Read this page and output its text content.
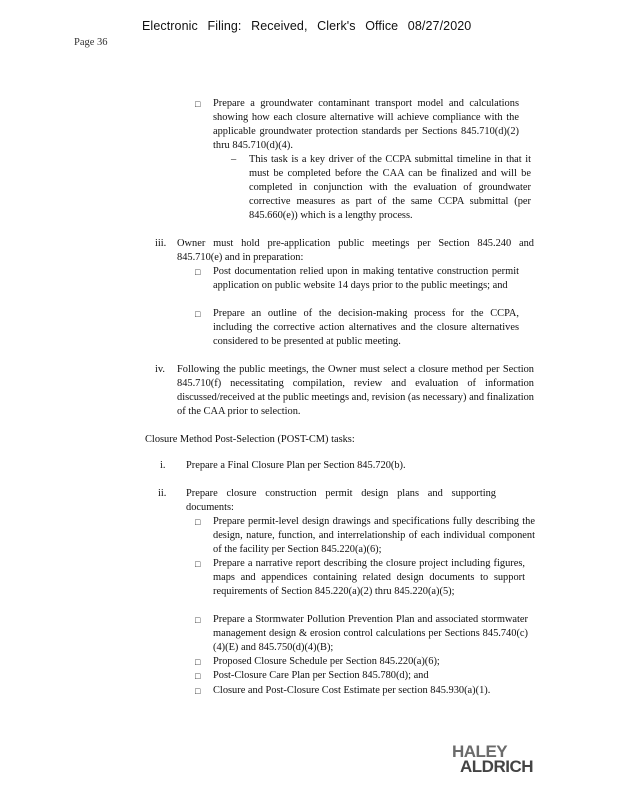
Electronic Filing: Received, Clerk's Office 08/27/2020
Page 36
□ Prepare a groundwater contaminant transport model and calculations showing how each closure alternative will achieve compliance with the applicable groundwater protection standards per Sections 845.710(d)(2) thru 845.710(d)(4).

– This task is a key driver of the CCPA submittal timeline in that it must be completed before the CAA can be finalized and will be completed in conjunction with the evaluation of groundwater corrective measures as part of the same CCPA submittal (per 845.660(e)) which is a lengthy process.

iii. Owner must hold pre-application public meetings per Section 845.240 and 845.710(e) and in preparation:

□ Post documentation relied upon in making tentative construction permit application on public website 14 days prior to the public meetings; and

□ Prepare an outline of the decision-making process for the CCPA, including the corrective action alternatives and the closure alternatives considered to be presented at public meeting.

iv. Following the public meetings, the Owner must select a closure method per Section 845.710(f) necessitating compilation, review and evaluation of information discussed/received at the public meetings and, revision (as necessary) and finalization of the CAA prior to selection.

Closure Method Post-Selection (POST-CM) tasks:
i. Prepare a Final Closure Plan per Section 845.720(b).

ii. Prepare closure construction permit design plans and supporting documents:

□ Prepare permit-level design drawings and specifications fully describing the design, nature, function, and interrelationship of each individual component of the facility per Section 845.220(a)(6);

□ Prepare a narrative report describing the closure project including figures, maps and appendices containing related design documents to support requirements of Section 845.220(a)(2) thru 845.220(a)(5);

□ Prepare a Stormwater Pollution Prevention Plan and associated stormwater management design & erosion control calculations per Sections 845.740(c)(4)(E) and 845.750(d)(4)(B);

□ Proposed Closure Schedule per Section 845.220(a)(6);

□ Post-Closure Care Plan per Section 845.780(d); and

□ Closure and Post-Closure Cost Estimate per section 845.930(a)(1).

HALEY
ALDRICH
